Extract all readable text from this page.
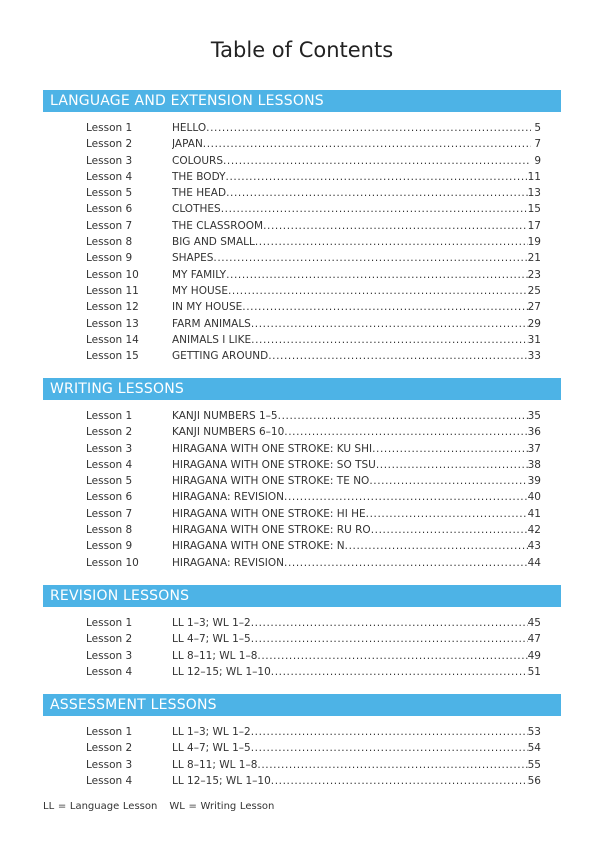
Table of Contents
LANGUAGE AND EXTENSION LESSONS
Lesson 1	HELLO .....	5
Lesson 2	JAPAN .....	7
Lesson 3	COLOURS .....	9
Lesson 4	THE BODY .....	11
Lesson 5	THE HEAD .....	13
Lesson 6	CLOTHES .....	15
Lesson 7	THE CLASSROOM .....	17
Lesson 8	BIG AND SMALL .....	19
Lesson 9	SHAPES .....	21
Lesson 10	MY FAMILY .....	23
Lesson 11	MY HOUSE .....	25
Lesson 12	IN MY HOUSE .....	27
Lesson 13	FARM ANIMALS .....	29
Lesson 14	ANIMALS I LIKE .....	31
Lesson 15	GETTING AROUND .....	33
WRITING LESSONS
Lesson 1	KANJI NUMBERS 1–5 .....	35
Lesson 2	KANJI NUMBERS 6–10 .....	36
Lesson 3	HIRAGANA WITH ONE STROKE: KU SHI .....	37
Lesson 4	HIRAGANA WITH ONE STROKE: SO TSU .....	38
Lesson 5	HIRAGANA WITH ONE STROKE: TE NO .....	39
Lesson 6	HIRAGANA: REVISION .....	40
Lesson 7	HIRAGANA WITH ONE STROKE: HI HE .....	41
Lesson 8	HIRAGANA WITH ONE STROKE: RU RO .....	42
Lesson 9	HIRAGANA WITH ONE STROKE: N .....	43
Lesson 10	HIRAGANA: REVISION .....	44
REVISION LESSONS
Lesson 1	LL 1–3; WL 1–2 .....	45
Lesson 2	LL 4–7; WL 1–5 .....	47
Lesson 3	LL 8–11; WL 1–8 .....	49
Lesson 4	LL 12–15; WL 1–10 .....	51
ASSESSMENT LESSONS
Lesson 1	LL 1–3; WL 1–2 .....	53
Lesson 2	LL 4–7; WL 1–5 .....	54
Lesson 3	LL 8–11; WL 1–8 .....	55
Lesson 4	LL 12–15; WL 1–10 .....	56
LL = Language Lesson WL = Writing Lesson
